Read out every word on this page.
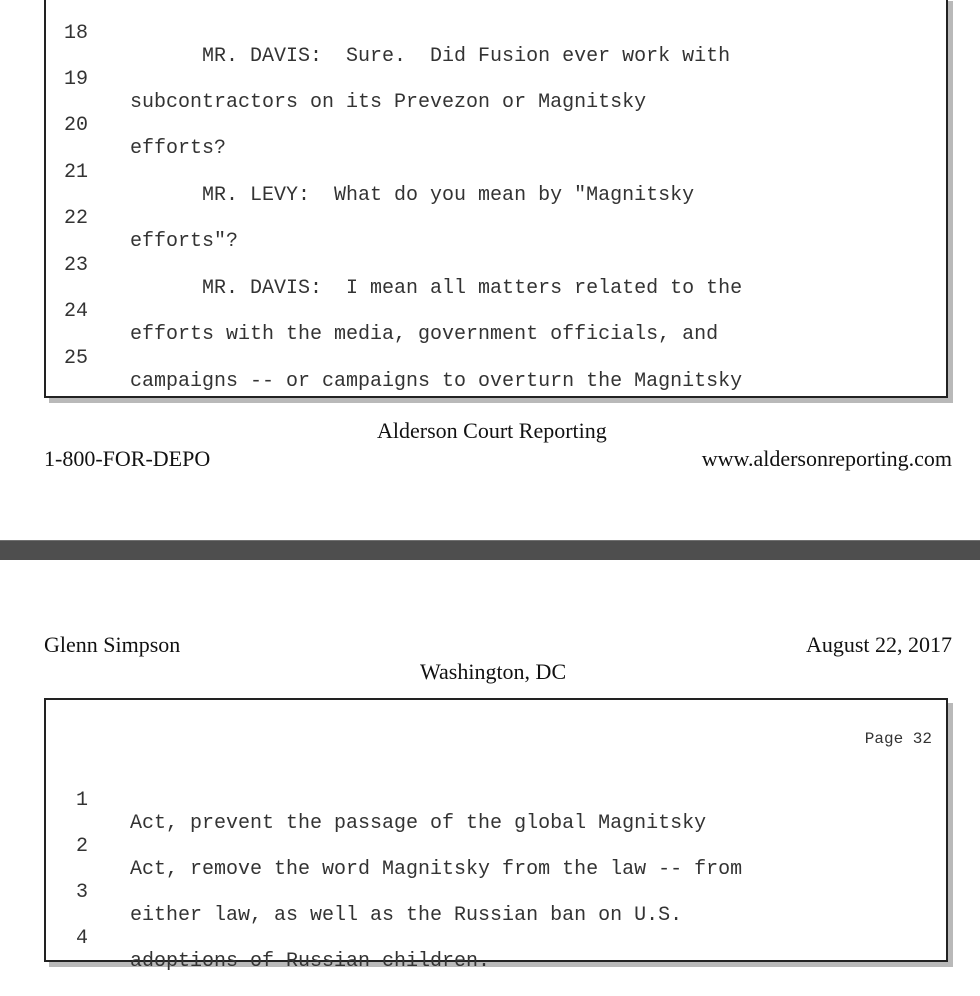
18

MR. DAVIS:  Sure.  Did Fusion ever work with

19

subcontractors on its Prevezon or Magnitsky

20

efforts?

21

MR. LEVY:  What do you mean by "Magnitsky

22

efforts"?

23

MR. DAVIS:  I mean all matters related to the

24

efforts with the media, government officials, and

25

campaigns -- or campaigns to overturn the Magnitsky

Alderson Court Reporting
1-800-FOR-DEPO	www.aldersonreporting.com
Glenn Simpson	August 22, 2017
Washington, DC
Page 32

1

Act, prevent the passage of the global Magnitsky

2

Act, remove the word Magnitsky from the law -- from

3

either law, as well as the Russian ban on U.S.

4

adoptions of Russian children.
